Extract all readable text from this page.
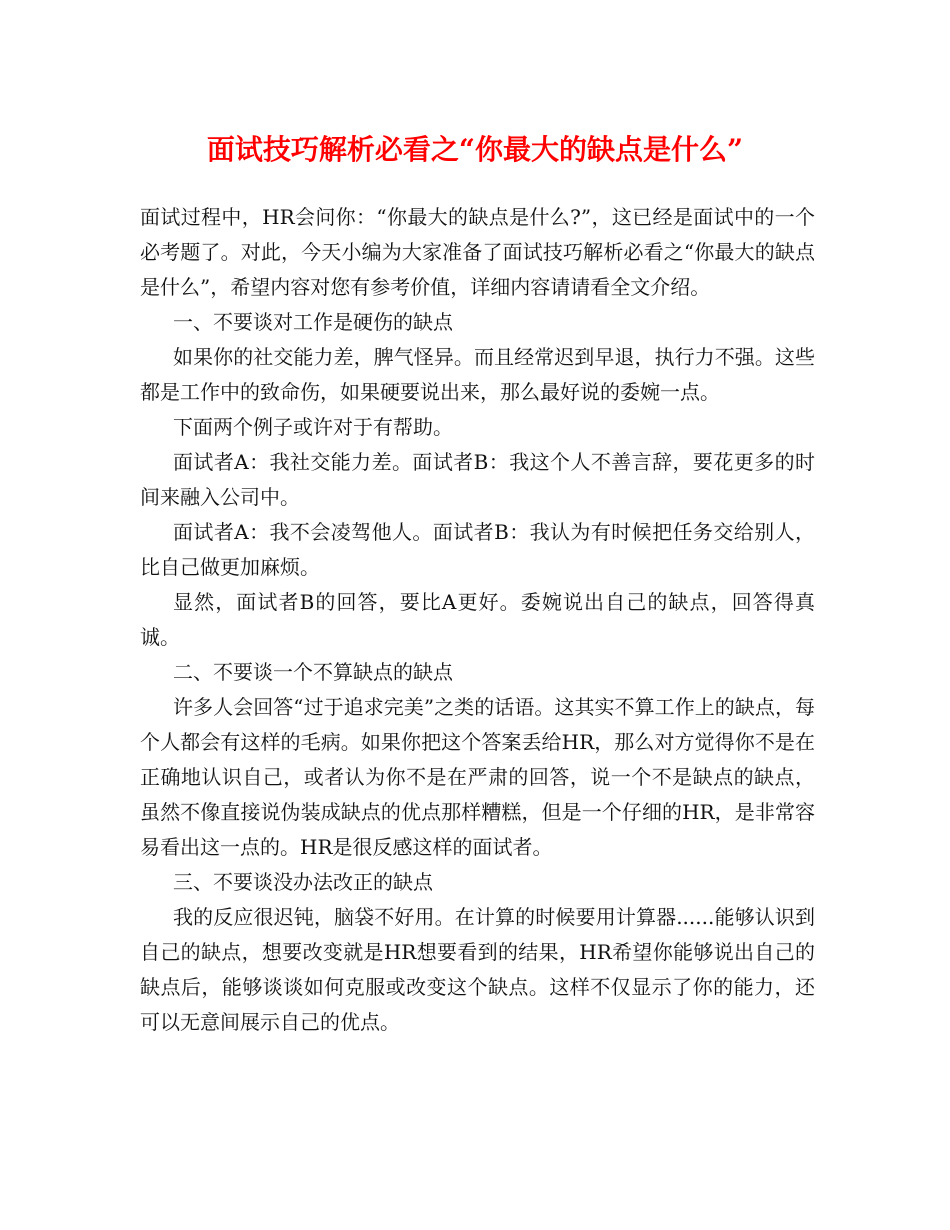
面试技巧解析必看之“你最大的缺点是什么”

面试过程中，HR会问你：“你最大的缺点是什么?”，这已经是面试中的一个必考题了。对此，今天小编为大家准备了面试技巧解析必看之“你最大的缺点是什么”，希望内容对您有参考价值，详细内容请请看全文介绍。

一、不要谈对工作是硬伤的缺点

如果你的社交能力差，脾气怪异。而且经常迟到早退，执行力不强。这些都是工作中的致命伤，如果硬要说出来，那么最好说的委婉一点。

下面两个例子或许对于有帮助。

面试者A：我社交能力差。面试者B：我这个人不善言辞，要花更多的时间来融入公司中。

面试者A：我不会凌驾他人。面试者B：我认为有时候把任务交给别人，比自己做更加麻烦。

显然，面试者B的回答，要比A更好。委婉说出自己的缺点，回答得真诚。

二、不要谈一个不算缺点的缺点

许多人会回答“过于追求完美”之类的话语。这其实不算工作上的缺点，每个人都会有这样的毛病。如果你把这个答案丢给HR，那么对方觉得你不是在正确地认识自己，或者认为你不是在严肃的回答，说一个不是缺点的缺点，虽然不像直接说伪装成缺点的优点那样糟糕，但是一个仔细的HR，是非常容易看出这一点的。HR是很反感这样的面试者。

三、不要谈没办法改正的缺点

我的反应很迟钝，脑袋不好用。在计算的时候要用计算器......能够认识到自己的缺点，想要改变就是HR想要看到的结果，HR希望你能够说出自己的缺点后，能够谈谈如何克服或改变这个缺点。这样不仅显示了你的能力，还可以无意间展示自己的优点。
